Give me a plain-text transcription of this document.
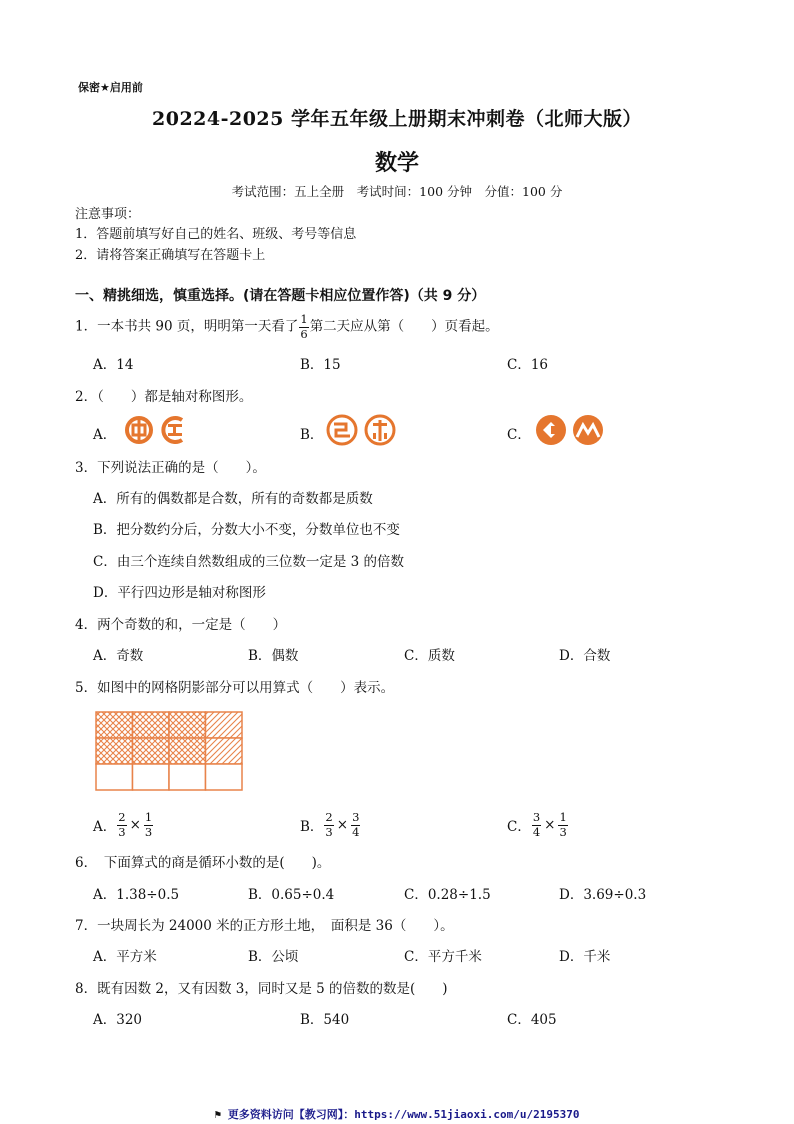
保密★启用前
20224-2025 学年五年级上册期末冲刺卷（北师大版）
数学
考试范围：五上全册　考试时间：100 分钟　分值：100 分
注意事项：
1．答题前填写好自己的姓名、班级、考号等信息
2．请将答案正确填写在答题卡上
一、精挑细选，慎重选择。(请在答题卡相应位置作答)（共 9 分）
1．一本书共 90 页，明明第一天看了 $\frac{1}{6}$ 第二天应从第（　　）页看起。
A．14	B．15	C．16
2．（　　）都是轴对称图形。
A．	B．	C．
3．下列说法正确的是（　　）。
A．所有的偶数都是合数，所有的奇数都是质数
B．把分数约分后，分数大小不变，分数单位也不变
C．由三个连续自然数组成的三位数一定是 3 的倍数
D．平行四边形是轴对称图形
4．两个奇数的和，一定是（　　）
A．奇数	B．偶数	C．质数	D．合数
5．如图中的网格阴影部分可以用算式（　　）表示。
A． $\frac{2}{3} \times \frac{1}{3}$	B． $\frac{2}{3} \times \frac{3}{4}$	C． $\frac{3}{4} \times \frac{1}{3}$
6．　下面算式的商是循环小数的是(　　)。
A．1.38÷0.5	B．0.65÷0.4	C．0.28÷1.5	D．3.69÷0.3
7．一块周长为 24000 米的正方形土地，　面积是 36（　　）。
A．平方米	B．公顷	C．平方千米	D．千米
8．既有因数 2，又有因数 3，同时又是 5 的倍数的数是(　　)
A．320	B．540	C．405
⚑ 更多资料访问【教习网】：https://www.51jiaoxi.com/u/2195370
